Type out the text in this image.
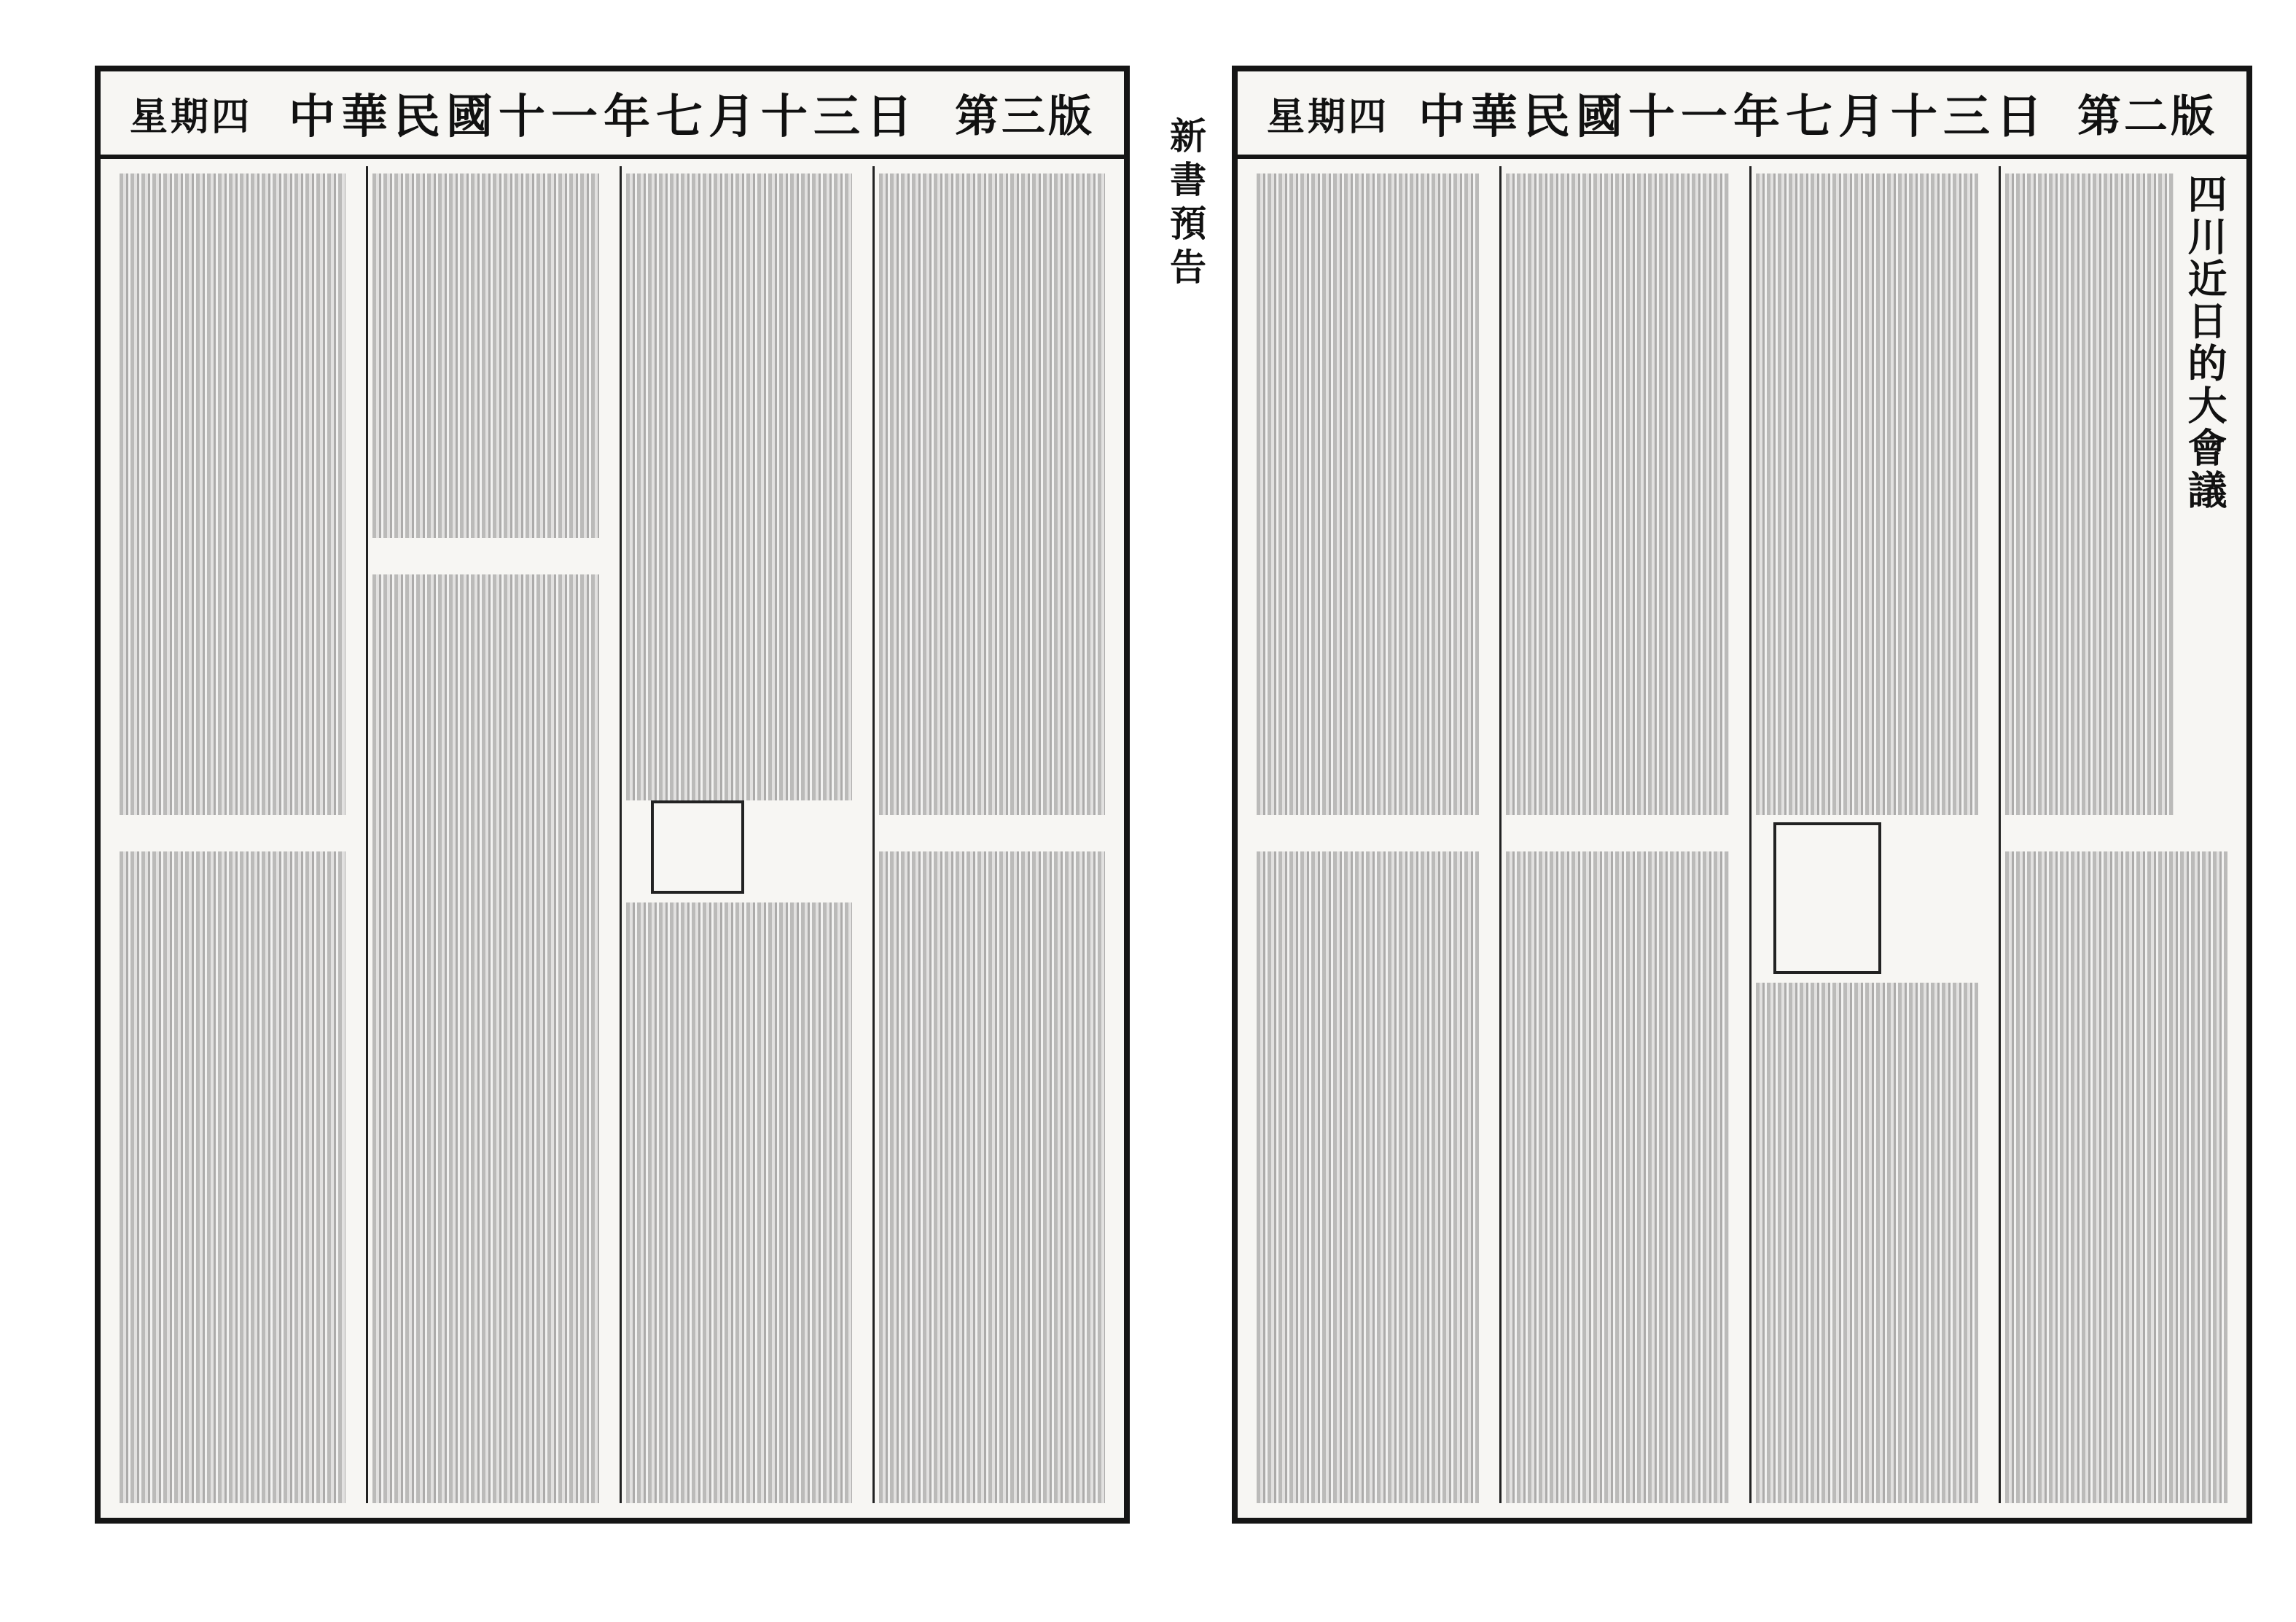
星期四 中華民國十一年七月十三日 第三版 新書預告 星期四 中華民國十一年七月十三日 第二版
四川近日的大會議
